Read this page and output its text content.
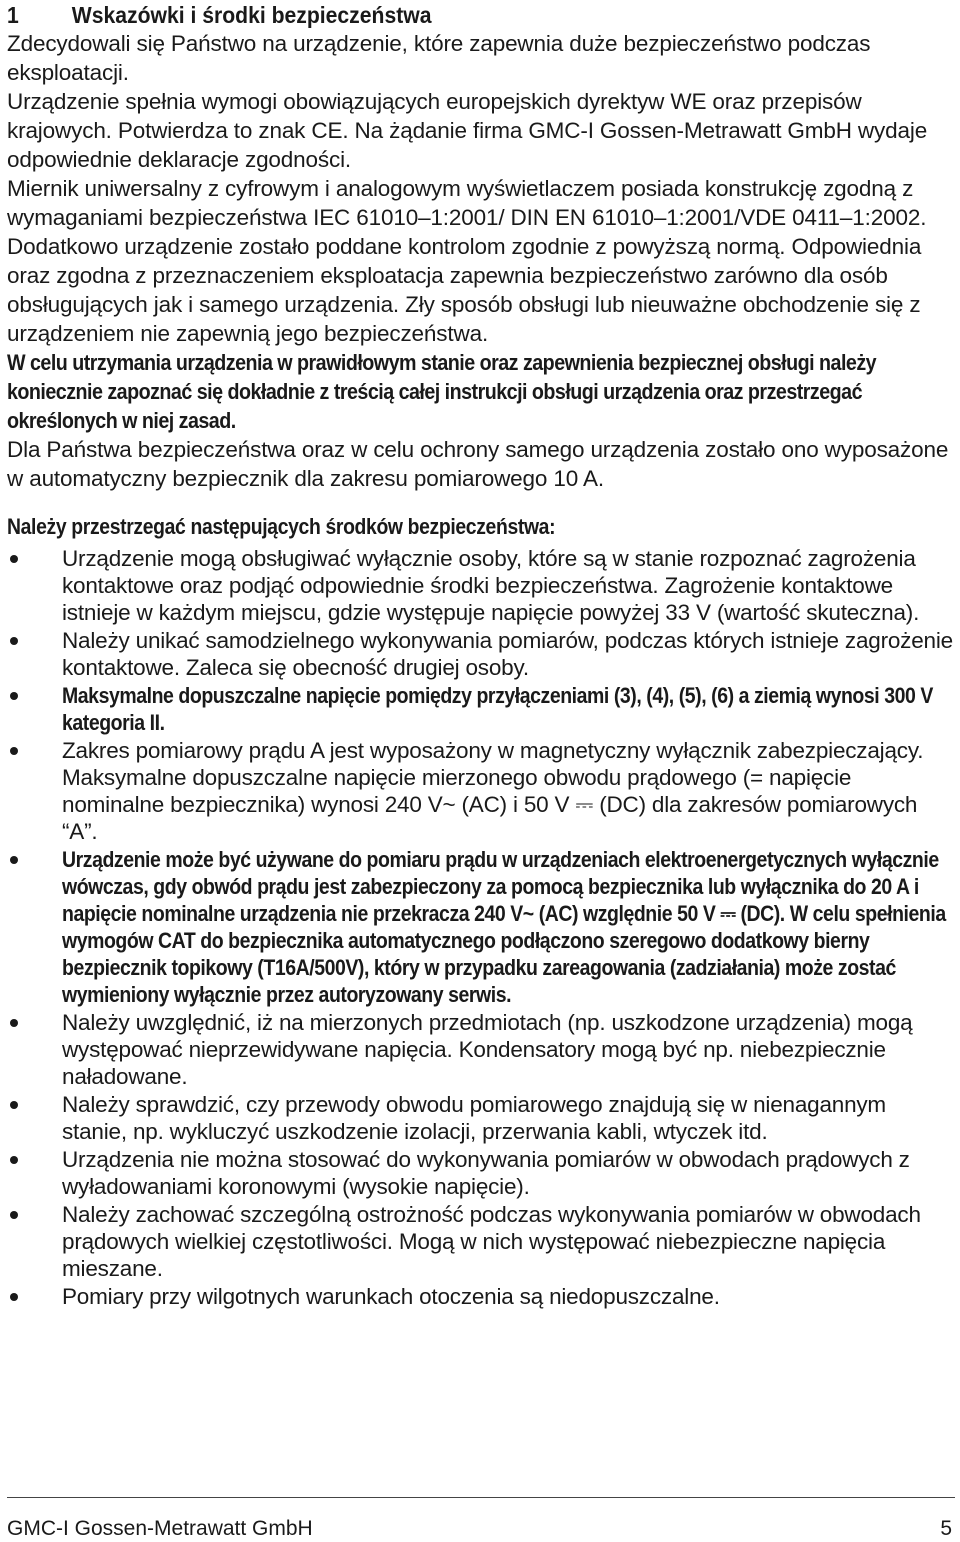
1 Wskazówki i środki bezpieczeństwa

Zdecydowali się Państwo na urządzenie, które zapewnia duże bezpieczeństwo podczas eksploatacji.

Urządzenie spełnia wymogi obowiązujących europejskich dyrektyw WE oraz przepisów krajowych. Potwierdza to znak CE. Na żądanie firma GMC-I Gossen-Metrawatt GmbH wydaje odpowiednie deklaracje zgodności.

Miernik uniwersalny z cyfrowym i analogowym wyświetlaczem posiada konstrukcję zgodną z wymaganiami bezpieczeństwa IEC 61010–1:2001/ DIN EN 61010–1:2001/VDE 0411–1:2002. Dodatkowo urządzenie zostało poddane kontrolom zgodnie z powyższą normą. Odpowiednia oraz zgodna z przeznaczeniem eksploatacja zapewnia bezpieczeństwo zarówno dla osób obsługujących jak i samego urządzenia. Zły sposób obsługi lub nieuważne obchodzenie się z urządzeniem nie zapewnią jego bezpieczeństwa.

W celu utrzymania urządzenia w prawidłowym stanie oraz zapewnienia bezpiecznej obsługi należy koniecznie zapoznać się dokładnie z treścią całej instrukcji obsługi urządzenia oraz przestrzegać określonych w niej zasad.

Dla Państwa bezpieczeństwa oraz w celu ochrony samego urządzenia zostało ono wyposażone w automatyczny bezpiecznik dla zakresu pomiarowego 10 A.

Należy przestrzegać następujących środków bezpieczeństwa:
Urządzenie mogą obsługiwać wyłącznie osoby, które są w stanie rozpoznać zagrożenia kontaktowe oraz podjąć odpowiednie środki bezpieczeństwa. Zagrożenie kontaktowe istnieje w każdym miejscu, gdzie występuje napięcie powyżej 33 V (wartość skuteczna).
Należy unikać samodzielnego wykonywania pomiarów, podczas których istnieje zagrożenie kontaktowe. Zaleca się obecność drugiej osoby.
Maksymalne dopuszczalne napięcie pomiędzy przyłączeniami (3), (4), (5), (6) a ziemią wynosi 300 V kategoria II.
Zakres pomiarowy prądu A jest wyposażony w magnetyczny wyłącznik zabezpieczający. Maksymalne dopuszczalne napięcie mierzonego obwodu prądowego (= napięcie nominalne bezpiecznika) wynosi 240 V~ (AC) i 50 V ⎓ (DC) dla zakresów pomiarowych “A”.
Urządzenie może być używane do pomiaru prądu w urządzeniach elektroenergetycznych wyłącznie wówczas, gdy obwód prądu jest zabezpieczony za pomocą bezpiecznika lub wyłącznika do 20 A i napięcie nominalne urządzenia nie przekracza 240 V~ (AC) względnie 50 V ⎓ (DC). W celu spełnienia wymogów CAT do bezpiecznika automatycznego podłączono szeregowo dodatkowy bierny bezpiecznik topikowy (T16A/500V), który w przypadku zareagowania (zadziałania) może zostać wymieniony wyłącznie przez autoryzowany serwis.
Należy uwzględnić, iż na mierzonych przedmiotach (np. uszkodzone urządzenia) mogą występować nieprzewidywane napięcia. Kondensatory mogą być np. niebezpiecznie naładowane.
Należy sprawdzić, czy przewody obwodu pomiarowego znajdują się w nienagannym stanie, np. wykluczyć uszkodzenie izolacji, przerwania kabli, wtyczek itd.
Urządzenia nie można stosować do wykonywania pomiarów w obwodach prądowych z wyładowaniami koronowymi (wysokie napięcie).
Należy zachować szczególną ostrożność podczas wykonywania pomiarów w obwodach prądowych wielkiej częstotliwości. Mogą w nich występować niebezpieczne napięcia mieszane.
Pomiary przy wilgotnych warunkach otoczenia są niedopuszczalne.
GMC-I Gossen-Metrawatt GmbH	5
